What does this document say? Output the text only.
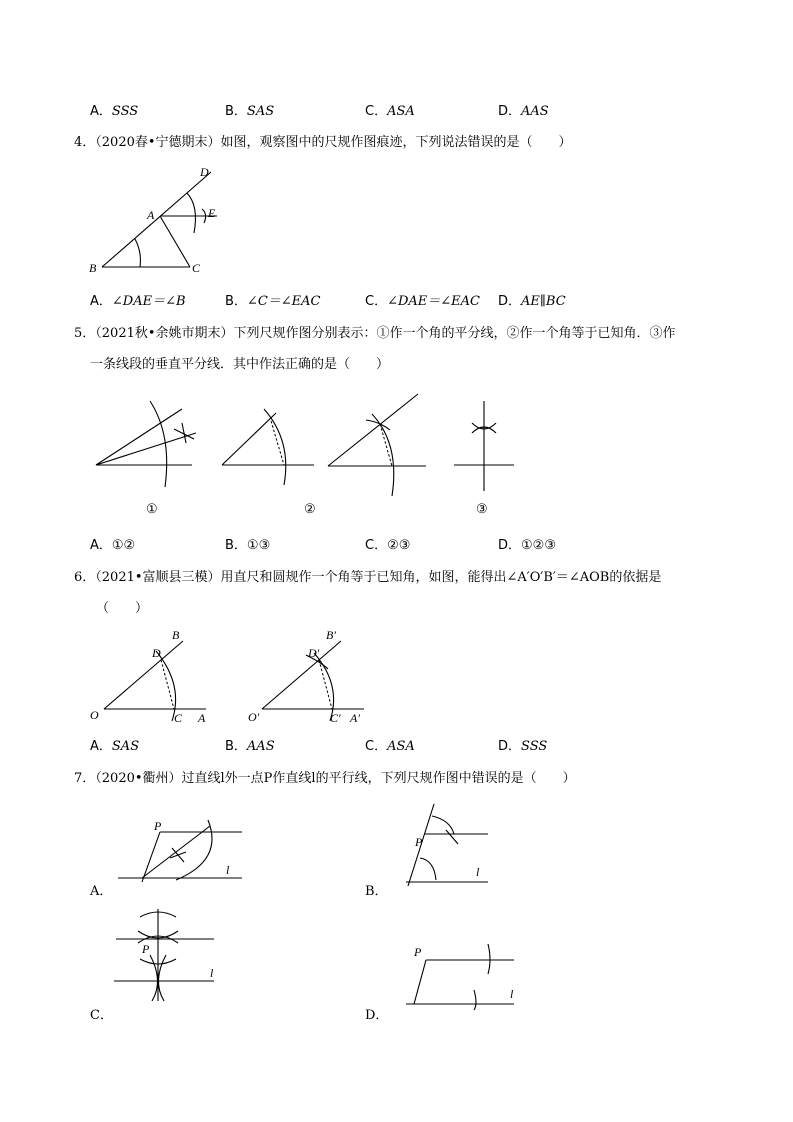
A．SSS	B．SAS	C．ASA	D．AAS
4．（2020春•宁德期末）如图，观察图中的尺规作图痕迹，下列说法错误的是（　　）
D
A	E
B	C
A．∠DAE＝∠B	B．∠C＝∠EAC	C．∠DAE＝∠EAC D．AE∥BC
5．（2021秋•余姚市期末）下列尺规作图分别表示：①作一个角的平分线，②作一个角等于已知角．③作
一条线段的垂直平分线．其中作法正确的是（　　）
①	②	③
A．①②	B．①③	C．②③	D．①②③
6．（2021•富顺县三模）用直尺和圆规作一个角等于已知角，如图，能得出∠A′O′B′＝∠AOB的依据是
（　　）
B
D
O	C A
B′
D′
O′	C′ A′
A．SAS	B．AAS	C．ASA	D．SSS
7．（2020•衢州）过直线l外一点P作直线l的平行线，下列尺规作图中错误的是（　　）
A．
P
l
B．
P
l
C．
P
l
D．
P
l
